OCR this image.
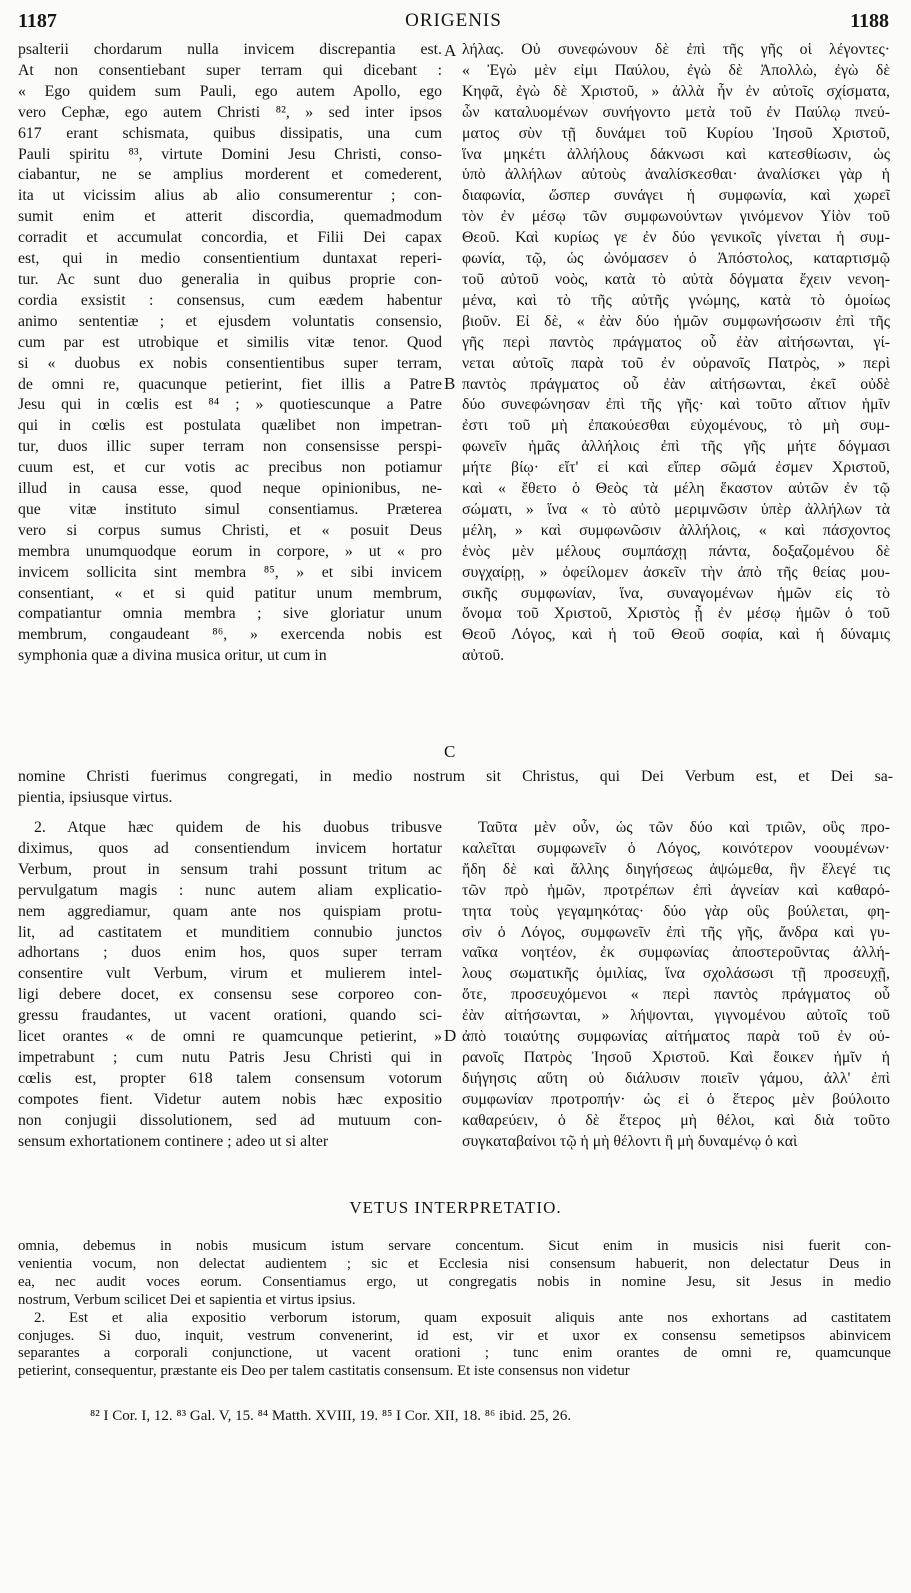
1187	ORIGENIS	1188
psalterii chordarum nulla invicem discrepantia est.
At non consentiebant super terram qui dicebant :
« Ego quidem sum Pauli, ego autem Apollo, ego
vero Cephæ, ego autem Christi ⁸², » sed inter ipsos
617 erant schismata, quibus dissipatis, una cum
Pauli spiritu ⁸³, virtute Domini Jesu Christi, conso-
ciabantur, ne se amplius morderent et comederent,
ita ut vicissim alius ab alio consumerentur ; con-
sumit enim et atterit discordia, quemadmodum
corradit et accumulat concordia, et Filii Dei capax
est, qui in medio consentientium duntaxat reperi-
tur. Ac sunt duo generalia in quibus proprie con-
cordia exsistit : consensus, cum eædem habentur
animo sententiæ ; et ejusdem voluntatis consensio,
cum par est utrobique et similis vitæ tenor. Quod
si « duobus ex nobis consentientibus super terram,
de omni re, quacunque petierint, fiet illis a Patre
Jesu qui in cœlis est ⁸⁴ ; » quotiescunque a Patre
qui in cœlis est postulata quælibet non impetran-
tur, duos illic super terram non consensisse perspi-
cuum est, et cur votis ac precibus non potiamur
illud in causa esse, quod neque opinionibus, ne-
que vitæ instituto simul consentiamus. Præterea
vero si corpus sumus Christi, et « posuit Deus
membra unumquodque eorum in corpore, » ut « pro
invicem sollicita sint membra ⁸⁵, » et sibi invicem
consentiant, « et si quid patitur unum membrum,
compatiantur omnia membra ; sive gloriatur unum
membrum, congaudeant ⁸⁶, » exercenda nobis est
symphonia quæ a divina musica oritur, ut cum in
λήλας. Οὐ συνεφώνουν δὲ ἐπὶ τῆς γῆς οἱ λέγοντες·
« Ἐγὼ μὲν εἰμι Παύλου, ἐγὼ δὲ Ἀπολλὼ, ἐγὼ δὲ
Κηφᾶ, ἐγὼ δὲ Χριστοῦ, » ἀλλὰ ἦν ἐν αὐτοῖς σχίσματα,
ὧν καταλυομένων συνήγοντο μετὰ τοῦ ἐν Παύλῳ πνεύ-
ματος σὺν τῇ δυνάμει τοῦ Κυρίου Ἰησοῦ Χριστοῦ,
ἵνα μηκέτι ἀλλήλους δάκνωσι καὶ κατεσθίωσιν, ὡς
ὑπὸ ἀλλήλων αὐτοὺς ἀναλίσκεσθαι· ἀναλίσκει γὰρ ἡ
διαφωνία, ὥσπερ συνάγει ἡ συμφωνία, καὶ χωρεῖ
τὸν ἐν μέσῳ τῶν συμφωνούντων γινόμενον Υἱὸν τοῦ
Θεοῦ. Καὶ κυρίως γε ἐν δύο γενικοῖς γίνεται ἡ συμ-
φωνία, τῷ, ὡς ὠνόμασεν ὁ Ἀπόστολος, καταρτισμῷ
τοῦ αὐτοῦ νοὸς, κατὰ τὸ αὐτὰ δόγματα ἔχειν νενοη-
μένα, καὶ τὸ τῆς αὐτῆς γνώμης, κατὰ τὸ ὁμοίως
βιοῦν. Εἰ δὲ, « ἐὰν δύο ἡμῶν συμφωνήσωσιν ἐπὶ τῆς
γῆς περὶ παντὸς πράγματος οὗ ἐὰν αἰτήσωνται, γί-
νεται αὐτοῖς παρὰ τοῦ ἐν οὐρανοῖς Πατρὸς, » περὶ
παντὸς πράγματος οὗ ἐὰν αἰτήσωνται, ἐκεῖ οὐδὲ
δύο συνεφώνησαν ἐπὶ τῆς γῆς· καὶ τοῦτο αἴτιον ἡμῖν
ἐστι τοῦ μὴ ἐπακούεσθαι εὐχομένους, τὸ μὴ συμ-
φωνεῖν ἡμᾶς ἀλλήλοις ἐπὶ τῆς γῆς μήτε δόγμασι
μήτε βίῳ· εἴτ' εἰ καὶ εἴπερ σῶμά ἐσμεν Χριστοῦ,
καὶ « ἔθετο ὁ Θεὸς τὰ μέλη ἕκαστον αὐτῶν ἐν τῷ
σώματι, » ἵνα « τὸ αὐτὸ μεριμνῶσιν ὑπὲρ ἀλλήλων τὰ
μέλη, » καὶ συμφωνῶσιν ἀλλήλοις, « καὶ πάσχοντος
ἑνὸς μὲν μέλους συμπάσχῃ πάντα, δοξαζομένου δὲ
συγχαίρῃ, » ὀφείλομεν ἀσκεῖν τὴν ἀπὸ τῆς θείας μου-
σικῆς συμφωνίαν, ἵνα, συναγομένων ἡμῶν εἰς τὸ
ὄνομα τοῦ Χριστοῦ, Χριστὸς ᾖ ἐν μέσῳ ἡμῶν ὁ τοῦ
Θεοῦ Λόγος, καὶ ἡ τοῦ Θεοῦ σοφία, καὶ ἡ δύναμις
αὐτοῦ.
A
B
C
D
nomine Christi fuerimus congregati, in medio nostrum sit Christus, qui Dei Verbum est, et Dei sa-
pientia, ipsiusque virtus.
2. Atque hæc quidem de his duobus tribusve
diximus, quos ad consentiendum invicem hortatur
Verbum, prout in sensum trahi possunt tritum ac
pervulgatum magis : nunc autem aliam explicatio-
nem aggrediamur, quam ante nos quispiam protu-
lit, ad castitatem et munditiem connubio junctos
adhortans ; duos enim hos, quos super terram
consentire vult Verbum, virum et mulierem intel-
ligi debere docet, ex consensu sese corporeo con-
gressu fraudantes, ut vacent orationi, quando sci-
licet orantes « de omni re quamcunque petierint, »
impetrabunt ; cum nutu Patris Jesu Christi qui in
cœlis est, propter 618 talem consensum votorum
compotes fient. Videtur autem nobis hæc expositio
non conjugii dissolutionem, sed ad mutuum con-
sensum exhortationem continere ; adeo ut si alter
Ταῦτα μὲν οὖν, ὡς τῶν δύο καὶ τριῶν, οὓς προ-
καλεῖται συμφωνεῖν ὁ Λόγος, κοινότερον νοουμένων·
ἤδη δὲ καὶ ἄλλης διηγήσεως ἀψώμεθα, ἣν ἔλεγέ τις
τῶν πρὸ ἡμῶν, προτρέπων ἐπὶ ἁγνείαν καὶ καθαρό-
τητα τοὺς γεγαμηκότας· δύο γὰρ οὓς βούλεται, φη-
σὶν ὁ Λόγος, συμφωνεῖν ἐπὶ τῆς γῆς, ἄνδρα καὶ γυ-
ναῖκα νοητέον, ἐκ συμφωνίας ἀποστεροῦντας ἀλλή-
λους σωματικῆς ὁμιλίας, ἵνα σχολάσωσι τῇ προσευχῇ,
ὅτε, προσευχόμενοι « περὶ παντὸς πράγματος οὗ
ἐὰν αἰτήσωνται, » λήψονται, γιγνομένου αὐτοῖς τοῦ
ἀπὸ τοιαύτης συμφωνίας αἰτήματος παρὰ τοῦ ἐν οὐ-
ρανοῖς Πατρὸς Ἰησοῦ Χριστοῦ. Καὶ ἔοικεν ἡμῖν ἡ
διήγησις αὕτη οὐ διάλυσιν ποιεῖν γάμου, ἀλλ' ἐπὶ
συμφωνίαν προτροπήν· ὡς εἰ ὁ ἕτερος μὲν βούλοιτο
καθαρεύειν, ὁ δὲ ἕτερος μὴ θέλοι, καὶ διὰ τοῦτο
συγκαταβαίνοι τῷ ἡ μὴ θέλοντι ἢ μὴ δυναμένῳ ὁ καὶ
VETUS INTERPRETATIO.
omnia, debemus in nobis musicum istum servare concentum. Sicut enim in musicis nisi fuerit con-
venientia vocum, non delectat audientem ; sic et Ecclesia nisi consensum habuerit, non delectatur Deus in
ea, nec audit voces eorum. Consentiamus ergo, ut congregatis nobis in nomine Jesu, sit Jesus in medio
nostrum, Verbum scilicet Dei et sapientia et virtus ipsius.
2. Est et alia expositio verborum istorum, quam exposuit aliquis ante nos exhortans ad castitatem
conjuges. Si duo, inquit, vestrum convenerint, id est, vir et uxor ex consensu semetipsos abinvicem
separantes a corporali conjunctione, ut vacent orationi ; tunc enim orantes de omni re, quamcunque
petierint, consequentur, præstante eis Deo per talem castitatis consensum. Et iste consensus non videtur
⁸² I Cor. I, 12. ⁸³ Gal. V, 15. ⁸⁴ Matth. XVIII, 19. ⁸⁵ I Cor. XII, 18. ⁸⁶ ibid. 25, 26.
